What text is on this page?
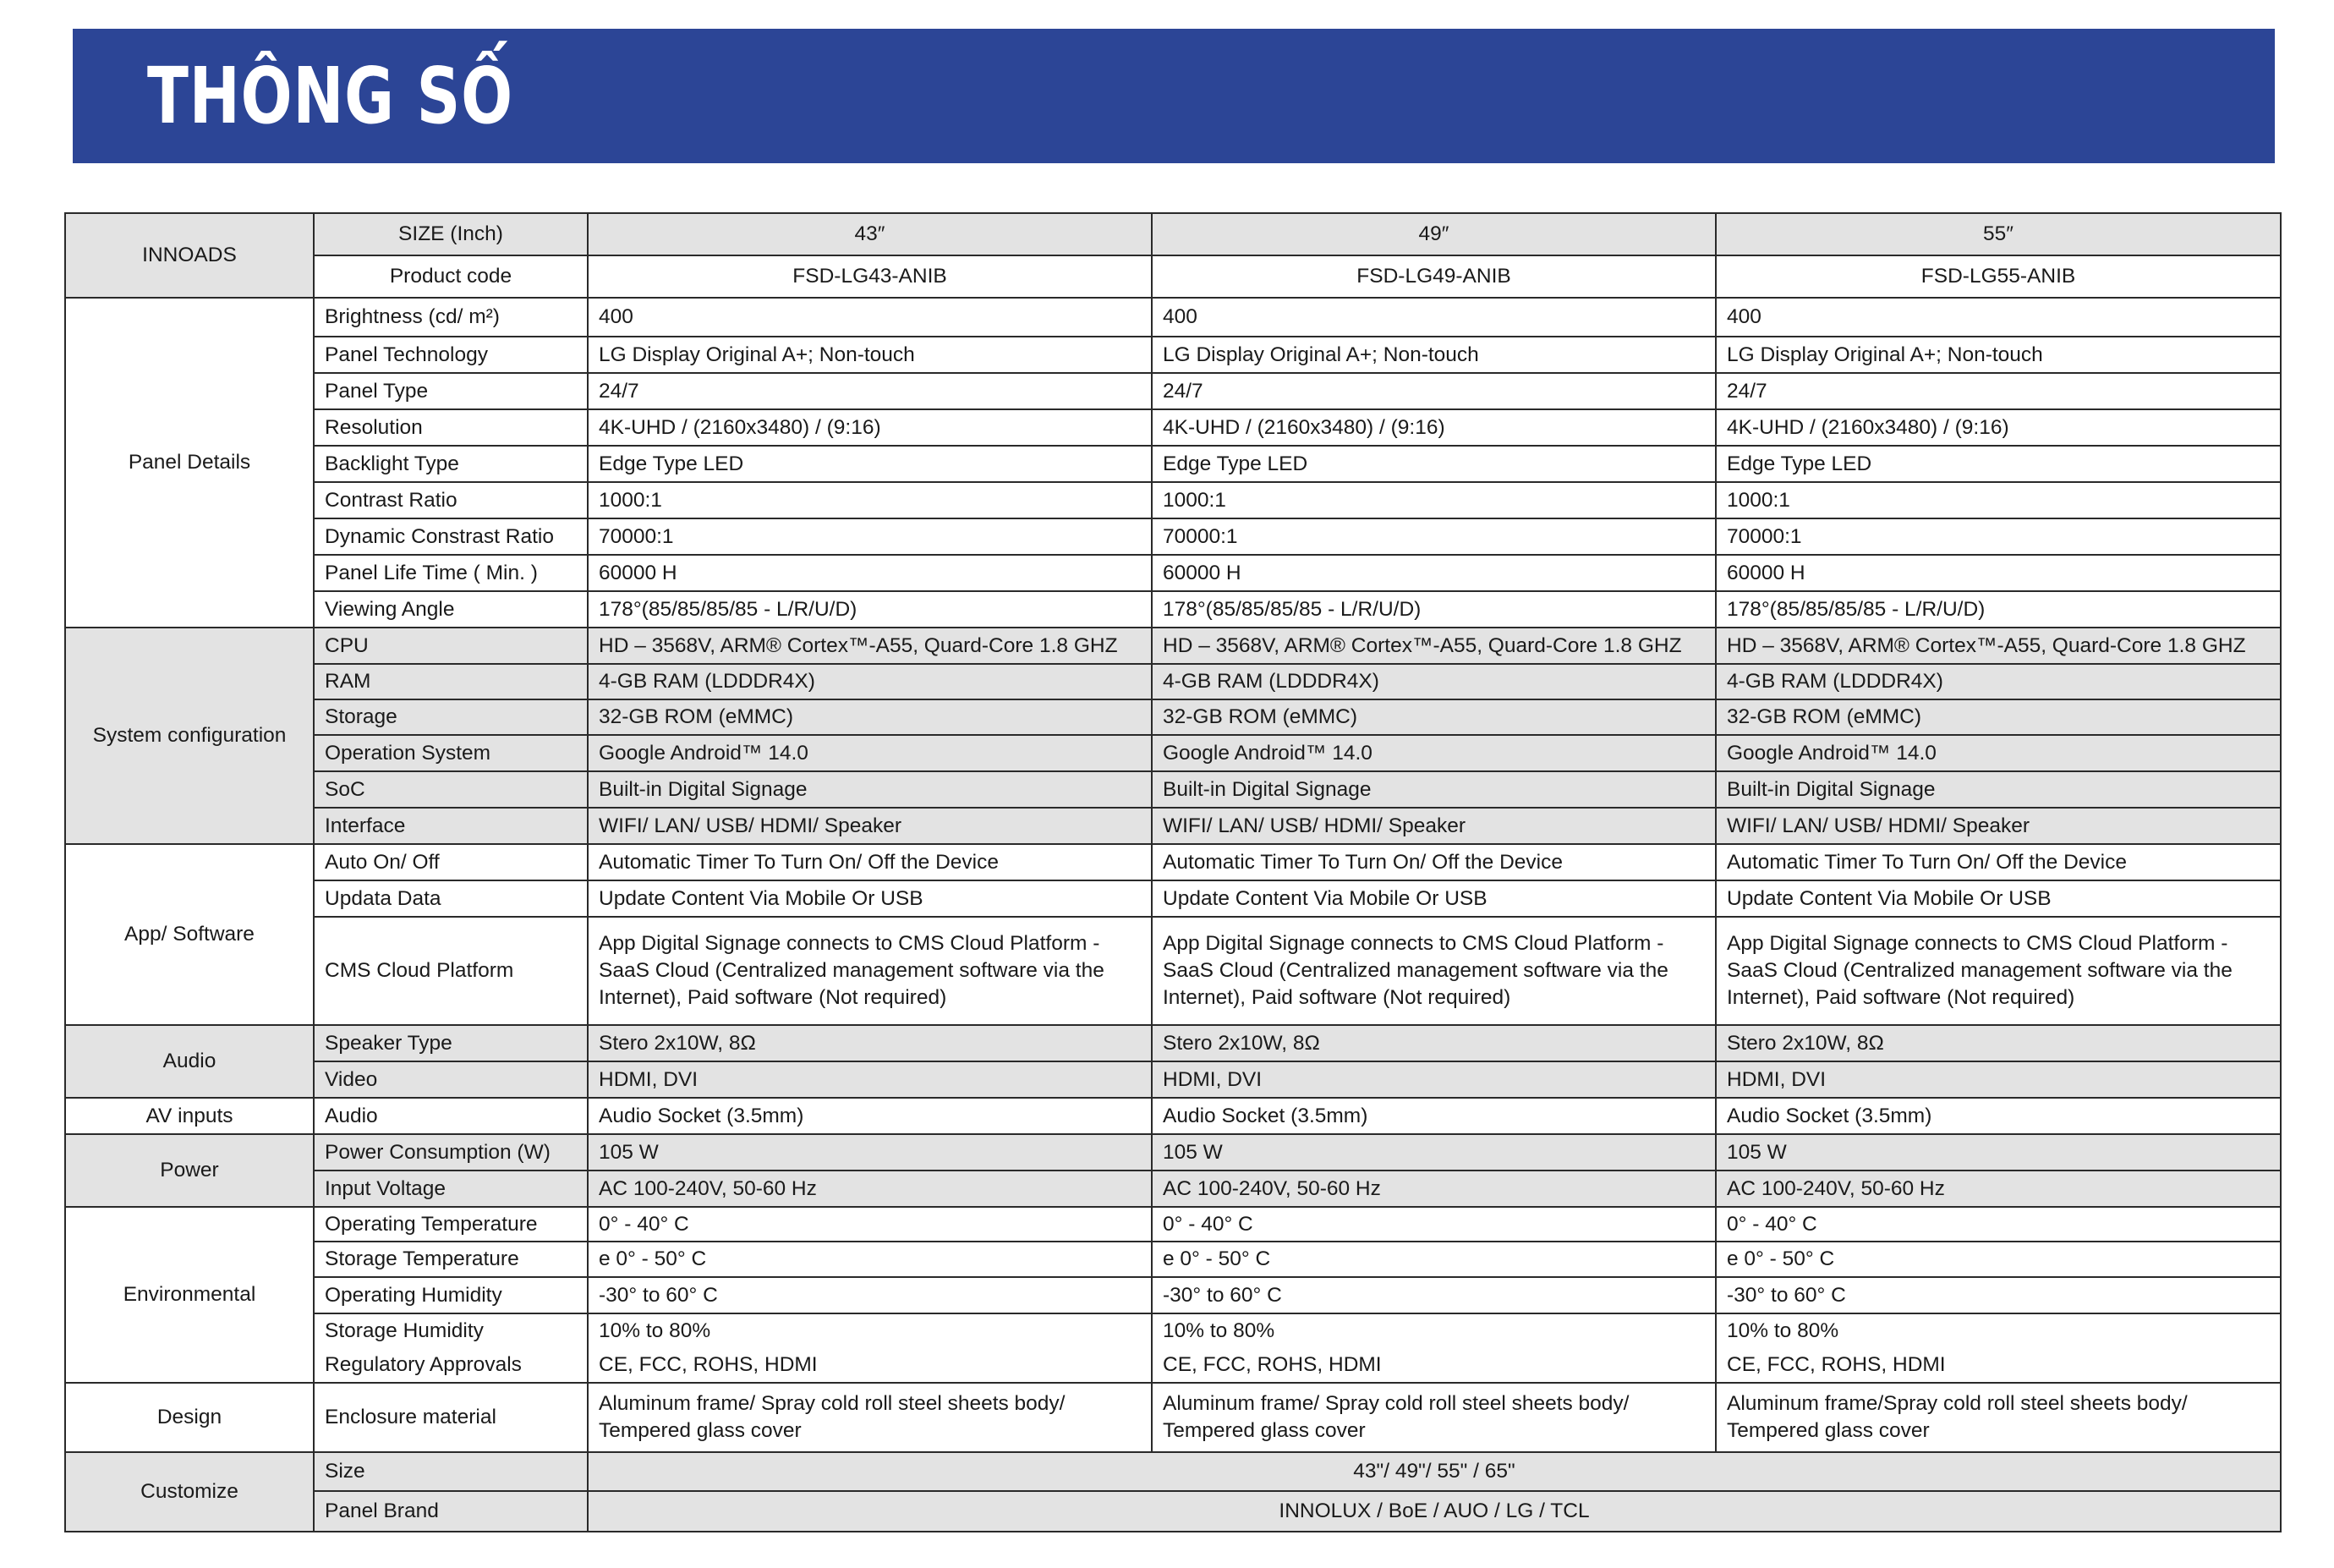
THÔNG SỐ
INNOADS	SIZE (Inch)	43″	49″	55″
	Product code	FSD-LG43-ANIB	FSD-LG49-ANIB	FSD-LG55-ANIB
Panel Details	Brightness (cd/ m²)	400	400	400
	Panel Technology	LG Display Original A+; Non-touch	LG Display Original A+; Non-touch	LG Display Original A+; Non-touch
	Panel Type	24/7	24/7	24/7
	Resolution	4K-UHD / (2160x3480) / (9:16)	4K-UHD / (2160x3480) / (9:16)	4K-UHD / (2160x3480) / (9:16)
	Backlight Type	Edge Type LED	Edge Type LED	Edge Type LED
	Contrast Ratio	1000:1	1000:1	1000:1
	Dynamic Constrast Ratio	70000:1	70000:1	70000:1
	Panel Life Time ( Min. )	60000 H	60000 H	60000 H
	Viewing Angle	178°(85/85/85/85 - L/R/U/D)	178°(85/85/85/85 - L/R/U/D)	178°(85/85/85/85 - L/R/U/D)
System configuration	CPU	HD – 3568V, ARM® Cortex™-A55, Quard-Core 1.8 GHZ	HD – 3568V, ARM® Cortex™-A55, Quard-Core 1.8 GHZ	HD – 3568V, ARM® Cortex™-A55, Quard-Core 1.8 GHZ
	RAM	4-GB RAM (LDDDR4X)	4-GB RAM (LDDDR4X)	4-GB RAM (LDDDR4X)
	Storage	32-GB ROM (eMMC)	32-GB ROM (eMMC)	32-GB ROM (eMMC)
	Operation System	Google Android™ 14.0	Google Android™ 14.0	Google Android™ 14.0
	SoC	Built-in Digital Signage	Built-in Digital Signage	Built-in Digital Signage
	Interface	WIFI/ LAN/ USB/ HDMI/ Speaker	WIFI/ LAN/ USB/ HDMI/ Speaker	WIFI/ LAN/ USB/ HDMI/ Speaker
App/ Software	Auto On/ Off	Automatic Timer To Turn On/ Off the Device	Automatic Timer To Turn On/ Off the Device	Automatic Timer To Turn On/ Off the Device
	Updata Data	Update Content Via Mobile Or USB	Update Content Via Mobile Or USB	Update Content Via Mobile Or USB
	CMS Cloud Platform	App Digital Signage connects to CMS Cloud Platform - SaaS Cloud (Centralized management software via the Internet), Paid software (Not required)	App Digital Signage connects to CMS Cloud Platform - SaaS Cloud (Centralized management software via the Internet), Paid software (Not required)	App Digital Signage connects to CMS Cloud Platform - SaaS Cloud (Centralized management software via the Internet), Paid software (Not required)
Audio	Speaker Type	Stero 2x10W, 8Ω	Stero 2x10W, 8Ω	Stero 2x10W, 8Ω
	Video	HDMI, DVI	HDMI, DVI	HDMI, DVI
AV inputs	Audio	Audio Socket (3.5mm)	Audio Socket (3.5mm)	Audio Socket (3.5mm)
Power	Power Consumption (W)	105 W	105 W	105 W
	Input Voltage	AC 100-240V, 50-60 Hz	AC 100-240V, 50-60 Hz	AC 100-240V, 50-60 Hz
Environmental	Operating Temperature	0° - 40° C	0° - 40° C	0° - 40° C
	Storage Temperature	e 0° - 50° C	e 0° - 50° C	e 0° - 50° C
	Operating Humidity	-30° to 60° C	-30° to 60° C	-30° to 60° C
	Storage Humidity	10% to 80%	10% to 80%	10% to 80%
	Regulatory Approvals	CE, FCC, ROHS, HDMI	CE, FCC, ROHS, HDMI	CE, FCC, ROHS, HDMI
Design	Enclosure material	Aluminum frame/ Spray cold roll steel sheets body/ Tempered glass cover	Aluminum frame/ Spray cold roll steel sheets body/ Tempered glass cover	Aluminum frame/Spray cold roll steel sheets body/ Tempered glass cover
Customize	Size	43"/ 49"/ 55" / 65"		
	Panel Brand	INNOLUX / BoE / AUO / LG / TCL		
